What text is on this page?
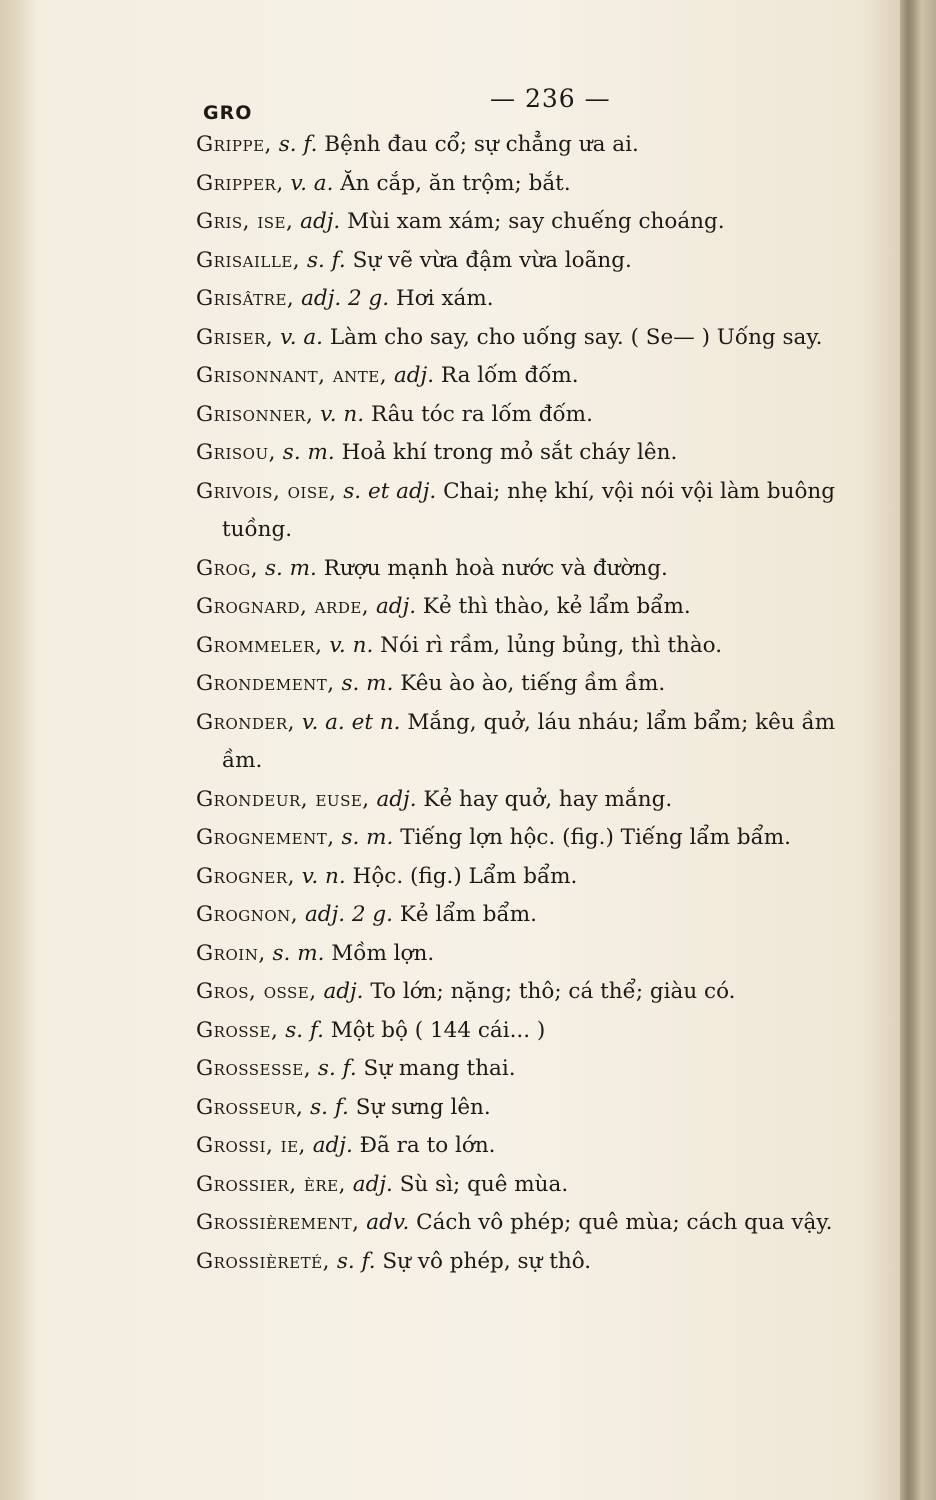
GRO	— 236 —
Grippe, s. f. Bệnh đau cổ; sự chẳng ưa ai.
Gripper, v. a. Ăn cắp, ăn trộm; bắt.
Gris, ise, adj. Mùi xam xám; say chuếng choáng.
Grisaille, s. f. Sự vẽ vừa đậm vừa loãng.
Grisâtre, adj. 2 g. Hơi xám.
Griser, v. a. Làm cho say, cho uống say. ( Se— ) Uống say.
Grisonnant, ante, adj. Ra lốm đốm.
Grisonner, v. n. Râu tóc ra lốm đốm.
Grisou, s. m. Hoả khí trong mỏ sắt cháy lên.
Grivois, oise, s. et adj. Chai; nhẹ khí, vội nói vội làm buông
tuồng.
Grog, s. m. Rượu mạnh hoà nước và đường.
Grognard, arde, adj. Kẻ thì thào, kẻ lẩm bẩm.
Grommeler, v. n. Nói rì rầm, lủng bủng, thì thào.
Grondement, s. m. Kêu ào ào, tiếng ầm ầm.
Gronder, v. a. et n. Mắng, quở, láu nháu; lẩm bẩm; kêu ầm
ầm.
Grondeur, euse, adj. Kẻ hay quở, hay mắng.
Grognement, s. m. Tiếng lợn hộc. (fig.) Tiếng lẩm bẩm.
Grogner, v. n. Hộc. (fig.) Lẩm bẩm.
Grognon, adj. 2 g. Kẻ lẩm bẩm.
Groin, s. m. Mồm lợn.
Gros, osse, adj. To lớn; nặng; thô; cá thể; giàu có.
Grosse, s. f. Một bộ ( 144 cái... )
Grossesse, s. f. Sự mang thai.
Grosseur, s. f. Sự sưng lên.
Grossi, ie, adj. Đã ra to lớn.
Grossier, ère, adj. Sù sì; quê mùa.
Grossièrement, adv. Cách vô phép; quê mùa; cách qua vậy.
Grossièreté, s. f. Sự vô phép, sự thô.
